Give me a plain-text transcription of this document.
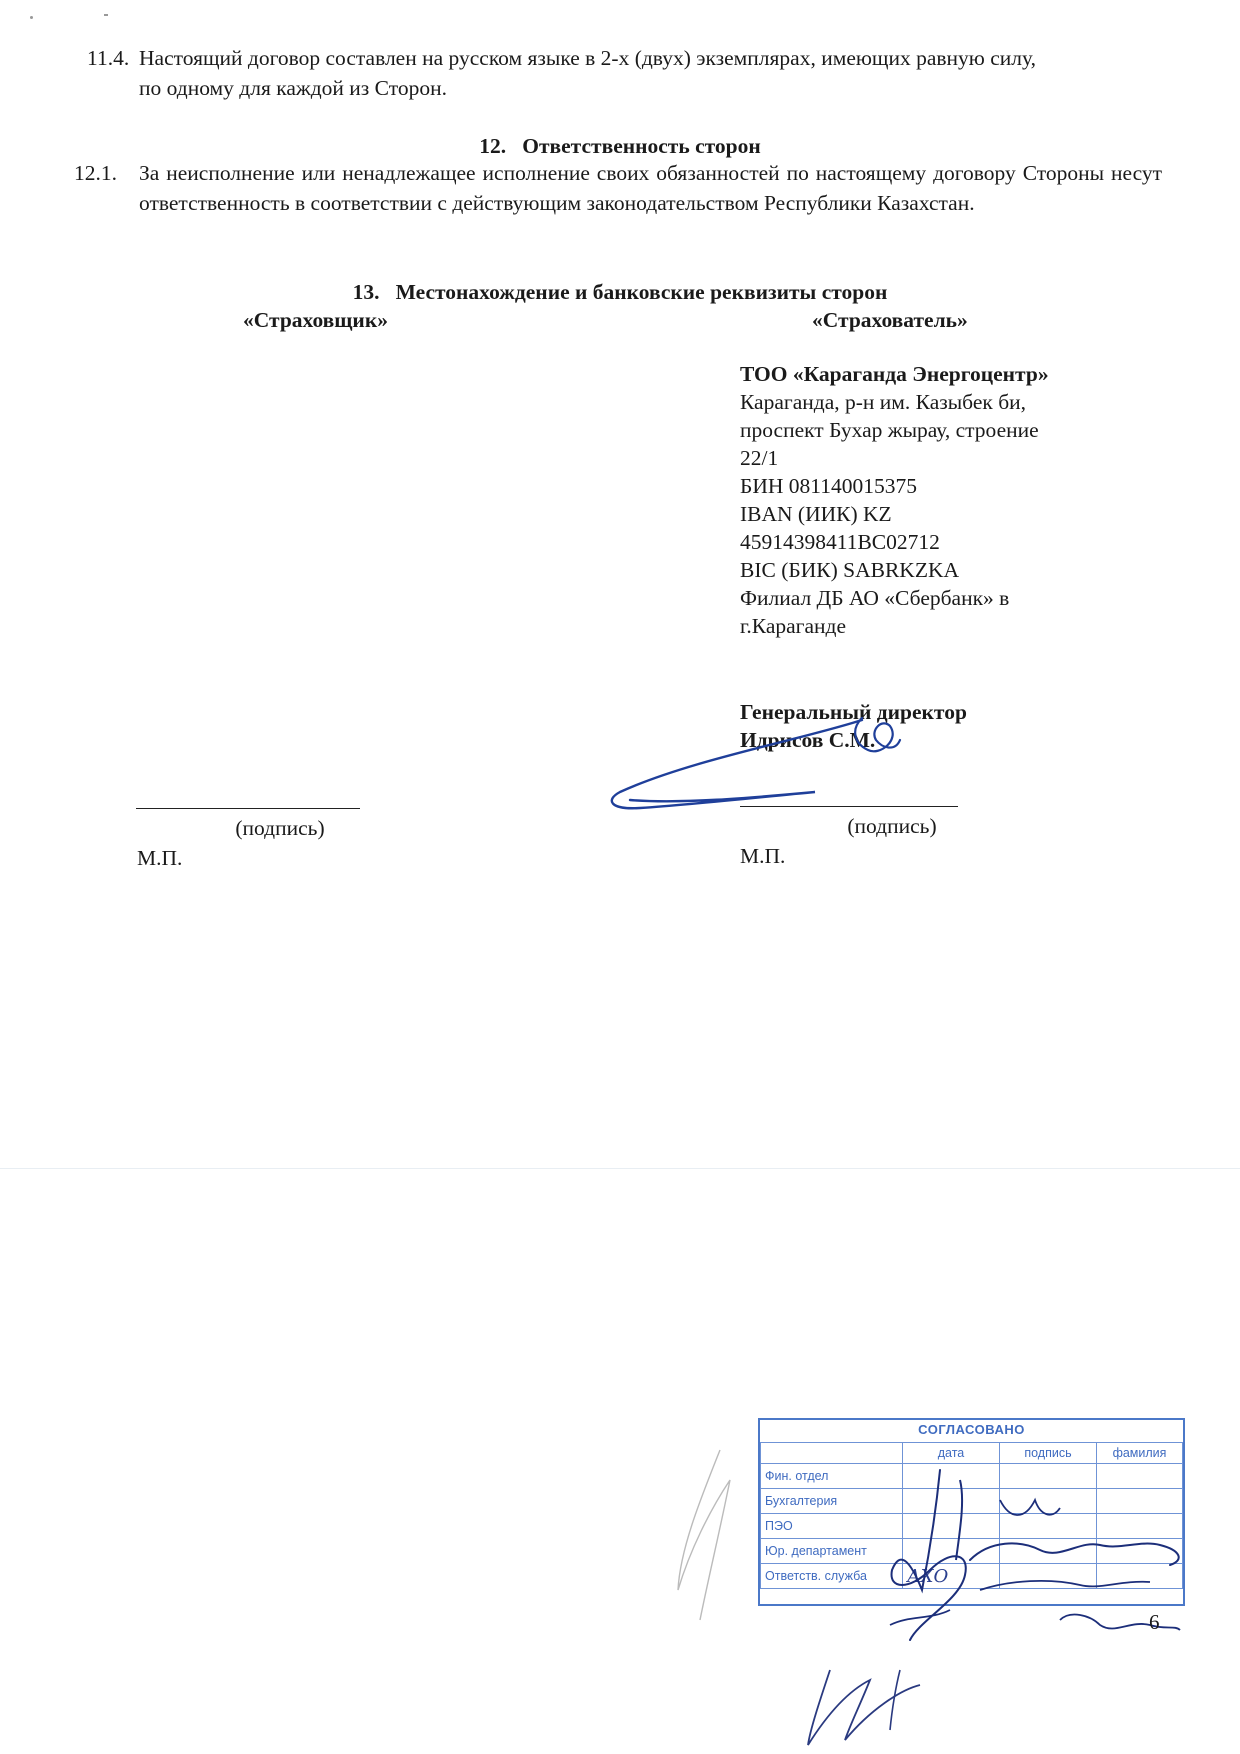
11.4. Настоящий договор составлен на русском языке в 2-х (двух) экземплярах, имеющих равную силу,
по одному для каждой из Сторон.
12. Ответственность сторон
12.1. За неисполнение или ненадлежащее исполнение своих обязанностей по настоящему договору Стороны несут ответственность в соответствии с действующим законодательством Республики Казахстан.
13. Местонахождение и банковские реквизиты сторон
«Страховщик»	«Страхователь»
ТОО «Караганда Энергоцентр»
Караганда, р-н им. Казыбек би,
проспект Бухар жырау, строение
22/1
БИН 081140015375
IBAN (ИИК) KZ
45914398411BC02712
BIC (БИК) SABRKZKA
Филиал ДБ АО «Сбербанк» в
г.Караганде
Генеральный директор
Идрисов С.М.
(подпись)	(подпись)
М.П.	М.П.
СОГЛАСОВАНО
	дата	подпись	фамилия
Фин. отдел			
Бухгалтерия			
ПЭО			
Юр. департамент			
Ответств. служба	АХО		
6
